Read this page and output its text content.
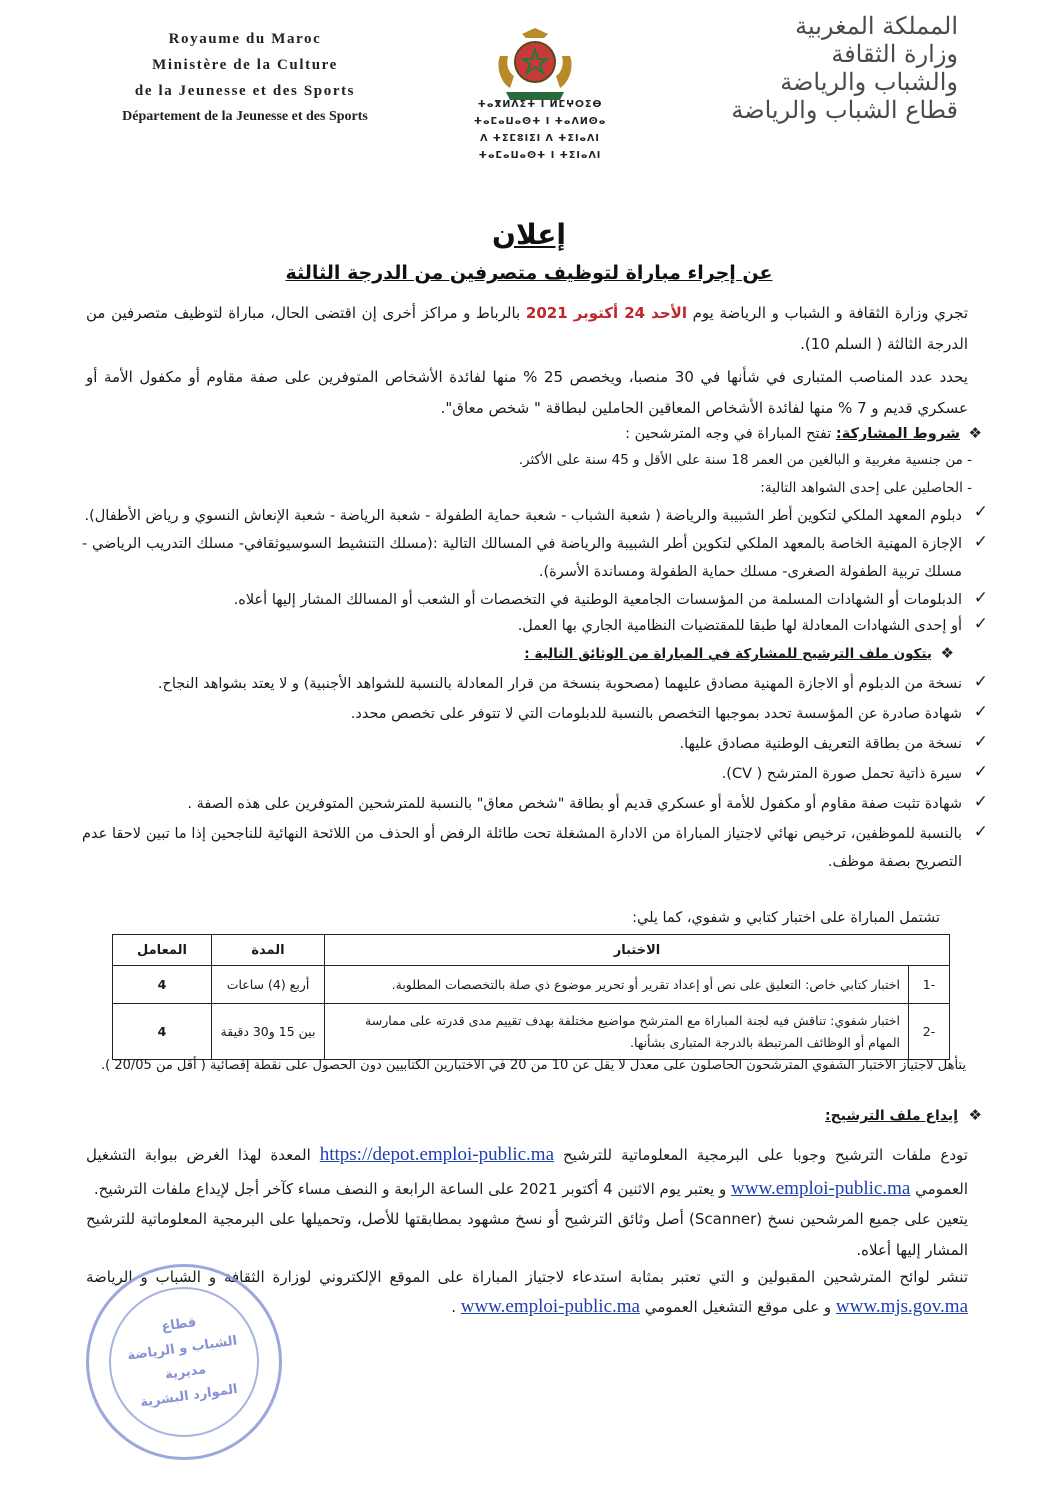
Royaume du Maroc
Ministère de la Culture
de la Jeunesse et des Sports
Département de la Jeunesse et des Sports
ⵜⴰⴳⵍⴷⵉⵜ ⵏ ⵍⵎⵖⵔⵉⴱ
ⵜⴰⵎⴰⵡⴰⵙⵜ ⵏ ⵜⴰⴷⵍⵙⴰ
ⴷ ⵜⵉⵎⵓⵏⵉⵏ ⴷ ⵜⵉⵏⴰⴷⵏ
ⵜⴰⵎⴰⵡⴰⵙⵜ ⵏ ⵜⵉⵏⴰⴷⵏ
المملكة المغربية
وزارة الثقافة
والشباب والرياضة
قطاع الشباب والرياضة
إعلان
عن إجراء مباراة لتوظيف متصرفين من الدرجة الثالثة
تجري وزارة الثقافة و الشباب و الرياضة يوم الأحد 24 أكتوبر 2021 بالرباط و مراكز أخرى إن اقتضى الحال، مباراة لتوظيف متصرفين من الدرجة الثالثة ( السلم 10).
يحدد عدد المناصب المتبارى في شأنها في 30 منصبا، ويخصص 25 % منها لفائدة الأشخاص المتوفرين على صفة مقاوم أو مكفول الأمة أو عسكري قديم و 7 % منها لفائدة الأشخاص المعاقين الحاملين لبطاقة " شخص معاق".
❖
شروط المشاركة: تفتح المباراة في وجه المترشحين :
- من جنسية مغربية و البالغين من العمر 18 سنة على الأقل و 45 سنة على الأكثر.
- الحاصلين على إحدى الشواهد التالية:
✓
دبلوم المعهد الملكي لتكوين أطر الشبيبة والرياضة ( شعبة الشباب - شعبة حماية الطفولة - شعبة الرياضة - شعبة الإنعاش النسوي و رياض الأطفال).
✓
الإجازة المهنية الخاصة بالمعهد الملكي لتكوين أطر الشبيبة والرياضة في المسالك التالية :(مسلك التنشيط السوسيوثقافي- مسلك التدريب الرياضي - مسلك تربية الطفولة الصغرى- مسلك حماية الطفولة ومساندة الأسرة).
✓
الدبلومات أو الشهادات المسلمة من المؤسسات الجامعية الوطنية في التخصصات أو الشعب أو المسالك المشار إليها أعلاه.
✓
أو إحدى الشهادات المعادلة لها طبقا للمقتضيات النظامية الجاري بها العمل.
❖
يتكون ملف الترشيح للمشاركة في المباراة من الوثائق التالية :
✓
نسخة من الدبلوم أو الاجازة المهنية مصادق عليهما (مصحوبة بنسخة من قرار المعادلة بالنسبة للشواهد الأجنبية) و لا يعتد بشواهد النجاح.
✓
شهادة صادرة عن المؤسسة تحدد بموجبها التخصص بالنسبة للدبلومات التي لا تتوفر على تخصص محدد.
✓
نسخة من بطاقة التعريف الوطنية مصادق عليها.
✓
سيرة ذاتية تحمل صورة المترشح ( CV).
✓
شهادة تثبت صفة مقاوم أو مكفول للأمة أو عسكري قديم أو بطاقة "شخص معاق" بالنسبة للمترشحين المتوفرين على هذه الصفة .
✓
بالنسبة للموظفين، ترخيص نهائي لاجتياز المباراة من الادارة المشغلة تحت طائلة الرفض أو الحذف من اللائحة النهائية للناجحين إذا ما تبين لاحقا عدم التصريح بصفة موظف.
تشتمل المباراة على اختبار كتابي و شفوي، كما يلي:
الاختبار		المدة	المعامل
-1	اختبار كتابي خاص: التعليق على نص أو إعداد تقرير أو تحرير موضوع ذي صلة بالتخصصات المطلوبة.	أربع (4) ساعات	4
-2	اختبار شفوي: تناقش فيه لجنة المباراة مع المترشح مواضيع مختلفة بهدف تقييم مدى قدرته على ممارسة المهام أو الوظائف المرتبطة بالدرجة المتبارى بشأنها.	بين 15 و30 دقيقة	4
يتأهل لاجتياز الاختبار الشفوي المترشحون الحاصلون على معدل لا يقل عن 10 من 20 في الاختبارين الكتابيين دون الحصول على نقطة إقصائية ( أقل من 20/05 ).
❖
إيداع ملف الترشيح:
تودع ملفات الترشيح وجوبا على البرمجية المعلوماتية للترشيح https://depot.emploi-public.ma المعدة لهذا الغرض ببوابة التشغيل العمومي www.emploi-public.ma و يعتبر يوم الاثنين 4 أكتوبر 2021 على الساعة الرابعة و النصف مساء كآخر أجل لإيداع ملفات الترشيح.
يتعين على جميع المرشحين نسخ (Scanner) أصل وثائق الترشيح أو نسخ مشهود بمطابقتها للأصل، وتحميلها على البرمجية المعلوماتية للترشيح المشار إليها أعلاه.
تنشر لوائح المترشحين المقبولين و التي تعتبر بمثابة استدعاء لاجتياز المباراة على الموقع الإلكتروني لوزارة الثقافة و الشباب و الرياضة www.mjs.gov.ma و على موقع التشغيل العمومي www.emploi-public.ma .
قطاع
الشباب و الرياضة
مديرية
الموارد البشرية
